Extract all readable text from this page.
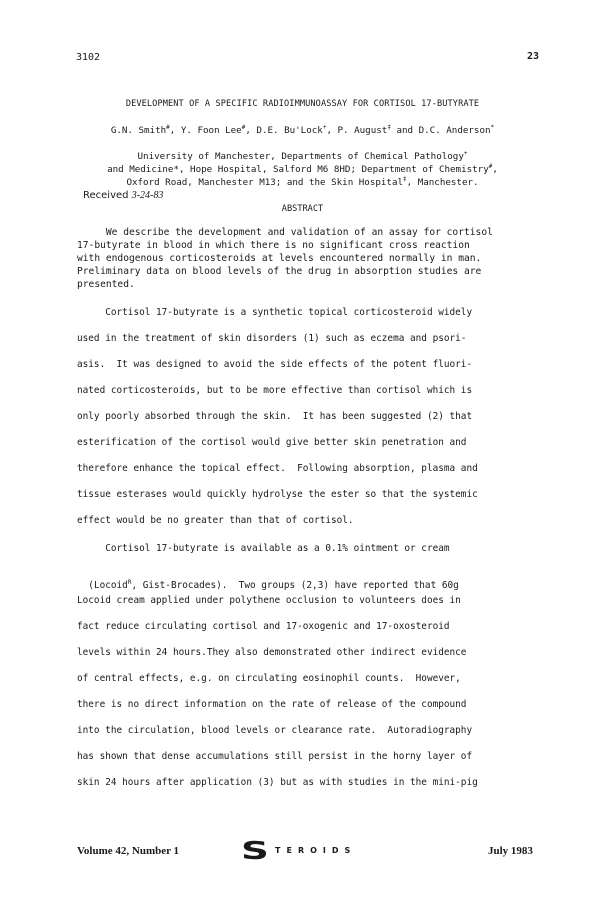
3102	23
DEVELOPMENT OF A SPECIFIC RADIOIMMUNOASSAY FOR CORTISOL 17-BUTYRATE
G.N. Smith#, Y. Foon Lee#, D.E. Bu'Lock+, P. August‡ and D.C. Anderson*
University of Manchester, Departments of Chemical Pathology+
and Medicine*, Hope Hospital, Salford M6 8HD; Department of Chemistry#,
Oxford Road, Manchester M13; and the Skin Hospital‡, Manchester.
Received 3-24-83
ABSTRACT
We describe the development and validation of an assay for cortisol
17-butyrate in blood in which there is no significant cross reaction
with endogenous corticosteroids at levels encountered normally in man.
Preliminary data on blood levels of the drug in absorption studies are
presented.
Cortisol 17-butyrate is a synthetic topical corticosteroid widely
used in the treatment of skin disorders (1) such as eczema and psori-
asis.  It was designed to avoid the side effects of the potent fluori-
nated corticosteroids, but to be more effective than cortisol which is
only poorly absorbed through the skin.  It has been suggested (2) that
esterification of the cortisol would give better skin penetration and
therefore enhance the topical effect.  Following absorption, plasma and
tissue esterases would quickly hydrolyse the ester so that the systemic
effect would be no greater than that of cortisol.
Cortisol 17-butyrate is available as a 0.1% ointment or cream

(Locoid$^R$, Gist-Brocades).  Two groups (2,3) have reported that 60g

Locoid cream applied under polythene occlusion to volunteers does in
fact reduce circulating cortisol and 17-oxogenic and 17-oxosteroid
levels within 24 hours.They also demonstrated other indirect evidence
of central effects, e.g. on circulating eosinophil counts.  However,
there is no direct information on the rate of release of the compound
into the circulation, blood levels or clearance rate.  Autoradiography
has shown that dense accumulations still persist in the horny layer of
skin 24 hours after application (3) but as with studies in the mini-pig
Volume 42, Number 1 S TEROIDS	July 1983
